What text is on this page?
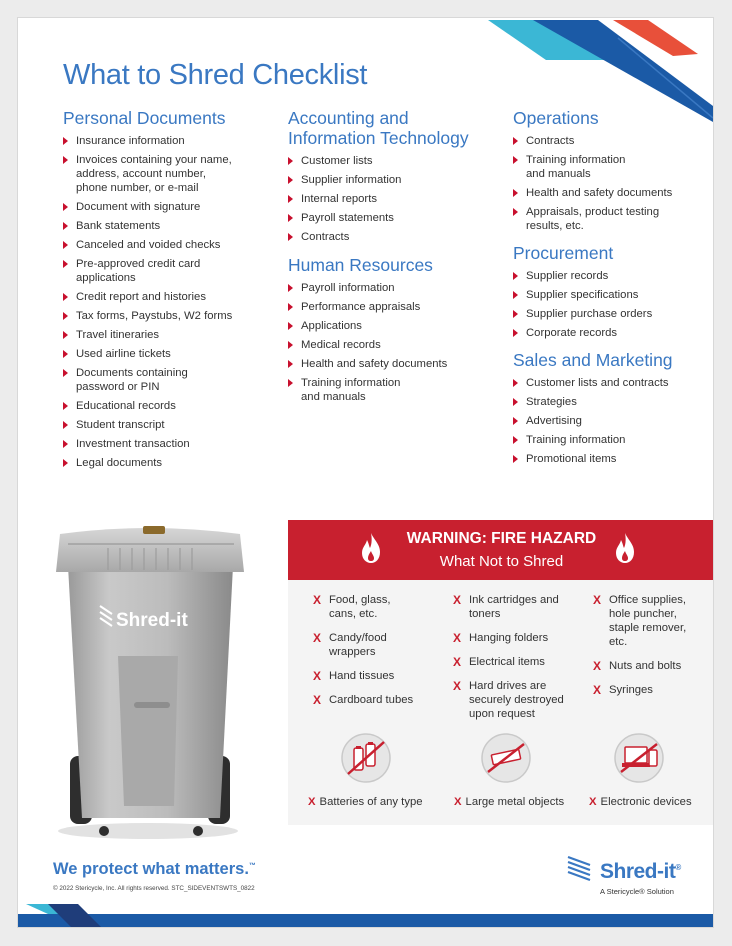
What to Shred Checklist
Personal Documents
Insurance information
Invoices containing your name, address, account number, phone number, or e-mail
Document with signature
Bank statements
Canceled and voided checks
Pre-approved credit card applications
Credit report and histories
Tax forms, Paystubs, W2 forms
Travel itineraries
Used airline tickets
Documents containing password or PIN
Educational records
Student transcript
Investment transaction
Legal documents
Accounting and Information Technology
Customer lists
Supplier information
Internal reports
Payroll statements
Contracts
Human Resources
Payroll information
Performance appraisals
Applications
Medical records
Health and safety documents
Training information and manuals
Operations
Contracts
Training information and manuals
Health and safety documents
Appraisals, product testing results, etc.
Procurement
Supplier records
Supplier specifications
Supplier purchase orders
Corporate records
Sales and Marketing
Customer lists and contracts
Strategies
Advertising
Training information
Promotional items
Shred-it
WARNING: FIRE HAZARD
What Not to Shred
X Food, glass, cans, etc.
X Candy/food wrappers
X Hand tissues
X Cardboard tubes
X Ink cartridges and toners
X Hanging folders
X Electrical items
X Hard drives are securely destroyed upon request
X Office supplies, hole puncher, staple remover, etc.
X Nuts and bolts
X Syringes
X Batteries of any type	X Large metal objects X Electronic devices
We protect what matters.™
© 2022 Stericycle, Inc. All rights reserved. STC_SIDEVENTSWTS_0822
Shred-it®
A Stericycle® Solution
